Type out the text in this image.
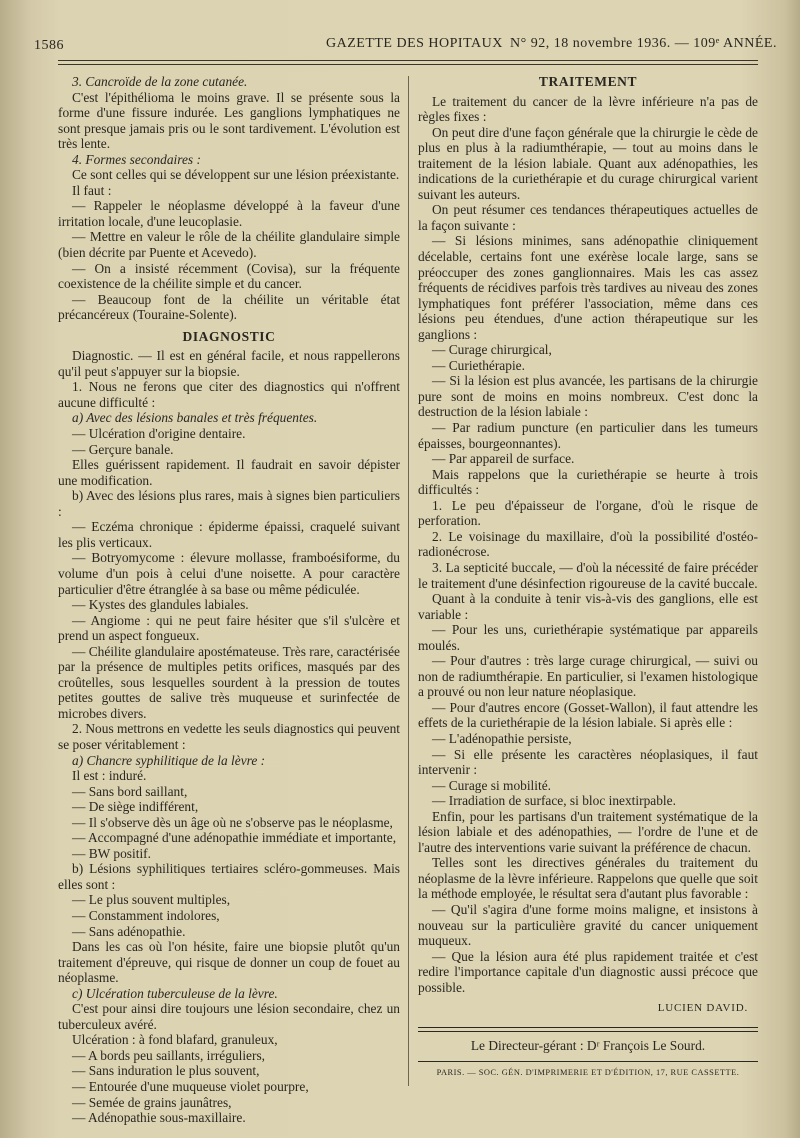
1586	GAZETTE DES HOPITAUX N° 92, 18 novembre 1936. — 109ᵉ ANNÉE.

3. Cancroïde de la zone cutanée.

C'est l'épithélioma le moins grave. Il se présente sous la forme d'une fissure indurée. Les ganglions lymphatiques ne sont presque jamais pris ou le sont tardivement. L'évolution est très lente.

4. Formes secondaires :

Ce sont celles qui se développent sur une lésion préexistante.

Il faut :

— Rappeler le néoplasme développé à la faveur d'une irritation locale, d'une leucoplasie.

— Mettre en valeur le rôle de la chéilite glandulaire simple (bien décrite par Puente et Acevedo).

— On a insisté récemment (Covisa), sur la fréquente coexistence de la chéilite simple et du cancer.

— Beaucoup font de la chéilite un véritable état précancéreux (Touraine-Solente).

DIAGNOSTIC

Diagnostic. — Il est en général facile, et nous rappellerons qu'il peut s'appuyer sur la biopsie.

1. Nous ne ferons que citer des diagnostics qui n'offrent aucune difficulté :

a) Avec des lésions banales et très fréquentes.

— Ulcération d'origine dentaire.

— Gerçure banale.

Elles guérissent rapidement. Il faudrait en savoir dépister une modification.

b) Avec des lésions plus rares, mais à signes bien particuliers :

— Eczéma chronique : épiderme épaissi, craquelé suivant les plis verticaux.

— Botryomycome : élevure mollasse, framboésiforme, du volume d'un pois à celui d'une noisette. A pour caractère particulier d'être étranglée à sa base ou même pédiculée.

— Kystes des glandules labiales.

— Angiome : qui ne peut faire hésiter que s'il s'ulcère et prend un aspect fongueux.

— Chéilite glandulaire apostémateuse. Très rare, caractérisée par la présence de multiples petits orifices, masqués par des croûtelles, sous lesquelles sourdent à la pression de toutes petites gouttes de salive très muqueuse et surinfectée de microbes divers.

2. Nous mettrons en vedette les seuls diagnostics qui peuvent se poser véritablement :

a) Chancre syphilitique de la lèvre :

Il est : induré.

— Sans bord saillant,

— De siège indifférent,

— Il s'observe dès un âge où ne s'observe pas le néoplasme,

— Accompagné d'une adénopathie immédiate et importante,

— BW positif.

b) Lésions syphilitiques tertiaires scléro-gommeuses. Mais elles sont :

— Le plus souvent multiples,

— Constamment indolores,

— Sans adénopathie.

Dans les cas où l'on hésite, faire une biopsie plutôt qu'un traitement d'épreuve, qui risque de donner un coup de fouet au néoplasme.

c) Ulcération tuberculeuse de la lèvre.

C'est pour ainsi dire toujours une lésion secondaire, chez un tuberculeux avéré.

Ulcération : à fond blafard, granuleux,

— A bords peu saillants, irréguliers,

— Sans induration le plus souvent,

— Entourée d'une muqueuse violet pourpre,

— Semée de grains jaunâtres,

— Adénopathie sous-maxillaire.

TRAITEMENT

Le traitement du cancer de la lèvre inférieure n'a pas de règles fixes :

On peut dire d'une façon générale que la chirurgie le cède de plus en plus à la radiumthérapie, — tout au moins dans le traitement de la lésion labiale. Quant aux adénopathies, les indications de la curiethérapie et du curage chirurgical varient suivant les auteurs.

On peut résumer ces tendances thérapeutiques actuelles de la façon suivante :

— Si lésions minimes, sans adénopathie cliniquement décelable, certains font une exérèse locale large, sans se préoccuper des zones ganglionnaires. Mais les cas assez fréquents de récidives parfois très tardives au niveau des zones lymphatiques font préférer l'association, même dans ces lésions peu étendues, d'une action thérapeutique sur les ganglions :

— Curage chirurgical,

— Curiethérapie.

— Si la lésion est plus avancée, les partisans de la chirurgie pure sont de moins en moins nombreux. C'est donc la destruction de la lésion labiale :

— Par radium puncture (en particulier dans les tumeurs épaisses, bourgeonnantes).

— Par appareil de surface.

Mais rappelons que la curiethérapie se heurte à trois difficultés :

1. Le peu d'épaisseur de l'organe, d'où le risque de perforation.

2. Le voisinage du maxillaire, d'où la possibilité d'ostéo-radionécrose.

3. La septicité buccale, — d'où la nécessité de faire précéder le traitement d'une désinfection rigoureuse de la cavité buccale.

Quant à la conduite à tenir vis-à-vis des ganglions, elle est variable :

— Pour les uns, curiethérapie systématique par appareils moulés.

— Pour d'autres : très large curage chirurgical, — suivi ou non de radiumthérapie. En particulier, si l'examen histologique a prouvé ou non leur nature néoplasique.

— Pour d'autres encore (Gosset-Wallon), il faut attendre les effets de la curiethérapie de la lésion labiale. Si après elle :

— L'adénopathie persiste,

— Si elle présente les caractères néoplasiques, il faut intervenir :

— Curage si mobilité.

— Irradiation de surface, si bloc inextirpable.

Enfin, pour les partisans d'un traitement systématique de la lésion labiale et des adénopathies, — l'ordre de l'une et de l'autre des interventions varie suivant la préférence de chacun.

Telles sont les directives générales du traitement du néoplasme de la lèvre inférieure. Rappelons que quelle que soit la méthode employée, le résultat sera d'autant plus favorable :

— Qu'il s'agira d'une forme moins maligne, et insistons à nouveau sur la particulière gravité du cancer uniquement muqueux.

— Que la lésion aura été plus rapidement traitée et c'est redire l'importance capitale d'un diagnostic aussi précoce que possible.

LUCIEN DAVID.

Le Directeur-gérant : Dʳ François Le Sourd.

PARIS. — SOC. GÉN. D'IMPRIMERIE ET D'ÉDITION, 17, RUE CASSETTE.
